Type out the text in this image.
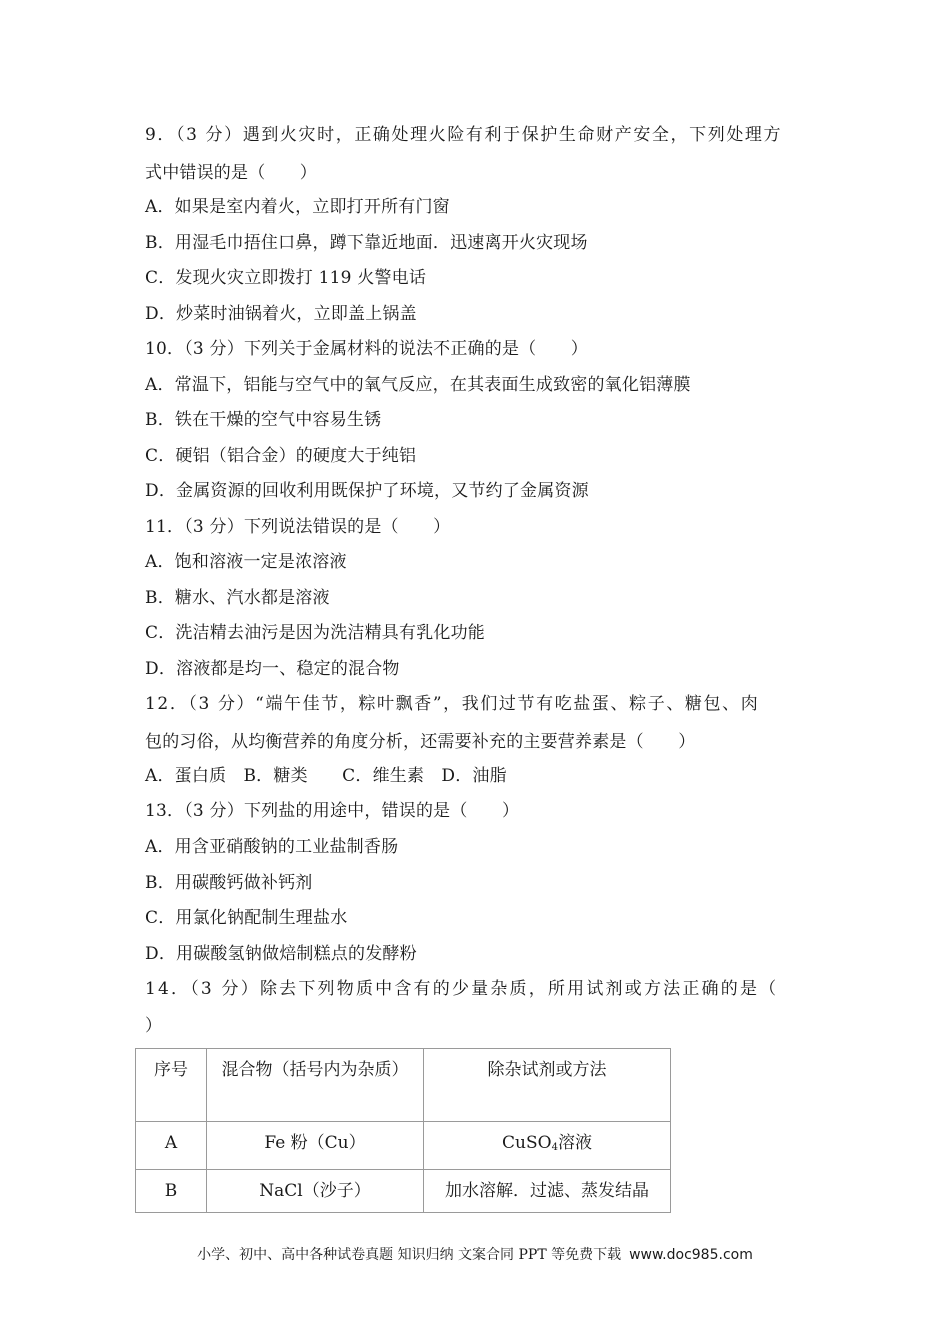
9．（3 分）遇到火灾时，正确处理火险有利于保护生命财产安全，下列处理方
式中错误的是（　　）
A．如果是室内着火，立即打开所有门窗
B．用湿毛巾捂住口鼻，蹲下靠近地面．迅速离开火灾现场
C．发现火灾立即拨打 119 火警电话
D．炒菜时油锅着火，立即盖上锅盖
10．（3 分）下列关于金属材料的说法不正确的是（　　）
A．常温下，铝能与空气中的氧气反应，在其表面生成致密的氧化铝薄膜
B．铁在干燥的空气中容易生锈
C．硬铝（铝合金）的硬度大于纯铝
D．金属资源的回收利用既保护了环境，又节约了金属资源
11．（3 分）下列说法错误的是（　　）
A．饱和溶液一定是浓溶液
B．糖水、汽水都是溶液
C．洗洁精去油污是因为洗洁精具有乳化功能
D．溶液都是均一、稳定的混合物
12．（3 分）“端午佳节，粽叶飘香”，我们过节有吃盐蛋、粽子、糖包、肉
包的习俗，从均衡营养的角度分析，还需要补充的主要营养素是（　　）
A．蛋白质　B．糖类　　C．维生素　D．油脂
13．（3 分）下列盐的用途中，错误的是（　　）
A．用含亚硝酸钠的工业盐制香肠
B．用碳酸钙做补钙剂
C．用氯化钠配制生理盐水
D．用碳酸氢钠做焙制糕点的发酵粉
14．（3 分）除去下列物质中含有的少量杂质，所用试剂或方法正确的是（
）
序号	混合物（括号内为杂质）	除杂试剂或方法
A	Fe 粉（Cu）	CuSO$_4$溶液
B	NaCl（沙子）	加水溶解．过滤、蒸发结晶
小学、初中、高中各种试卷真题 知识归纳 文案合同 PPT 等免费下载 www.doc985.com
